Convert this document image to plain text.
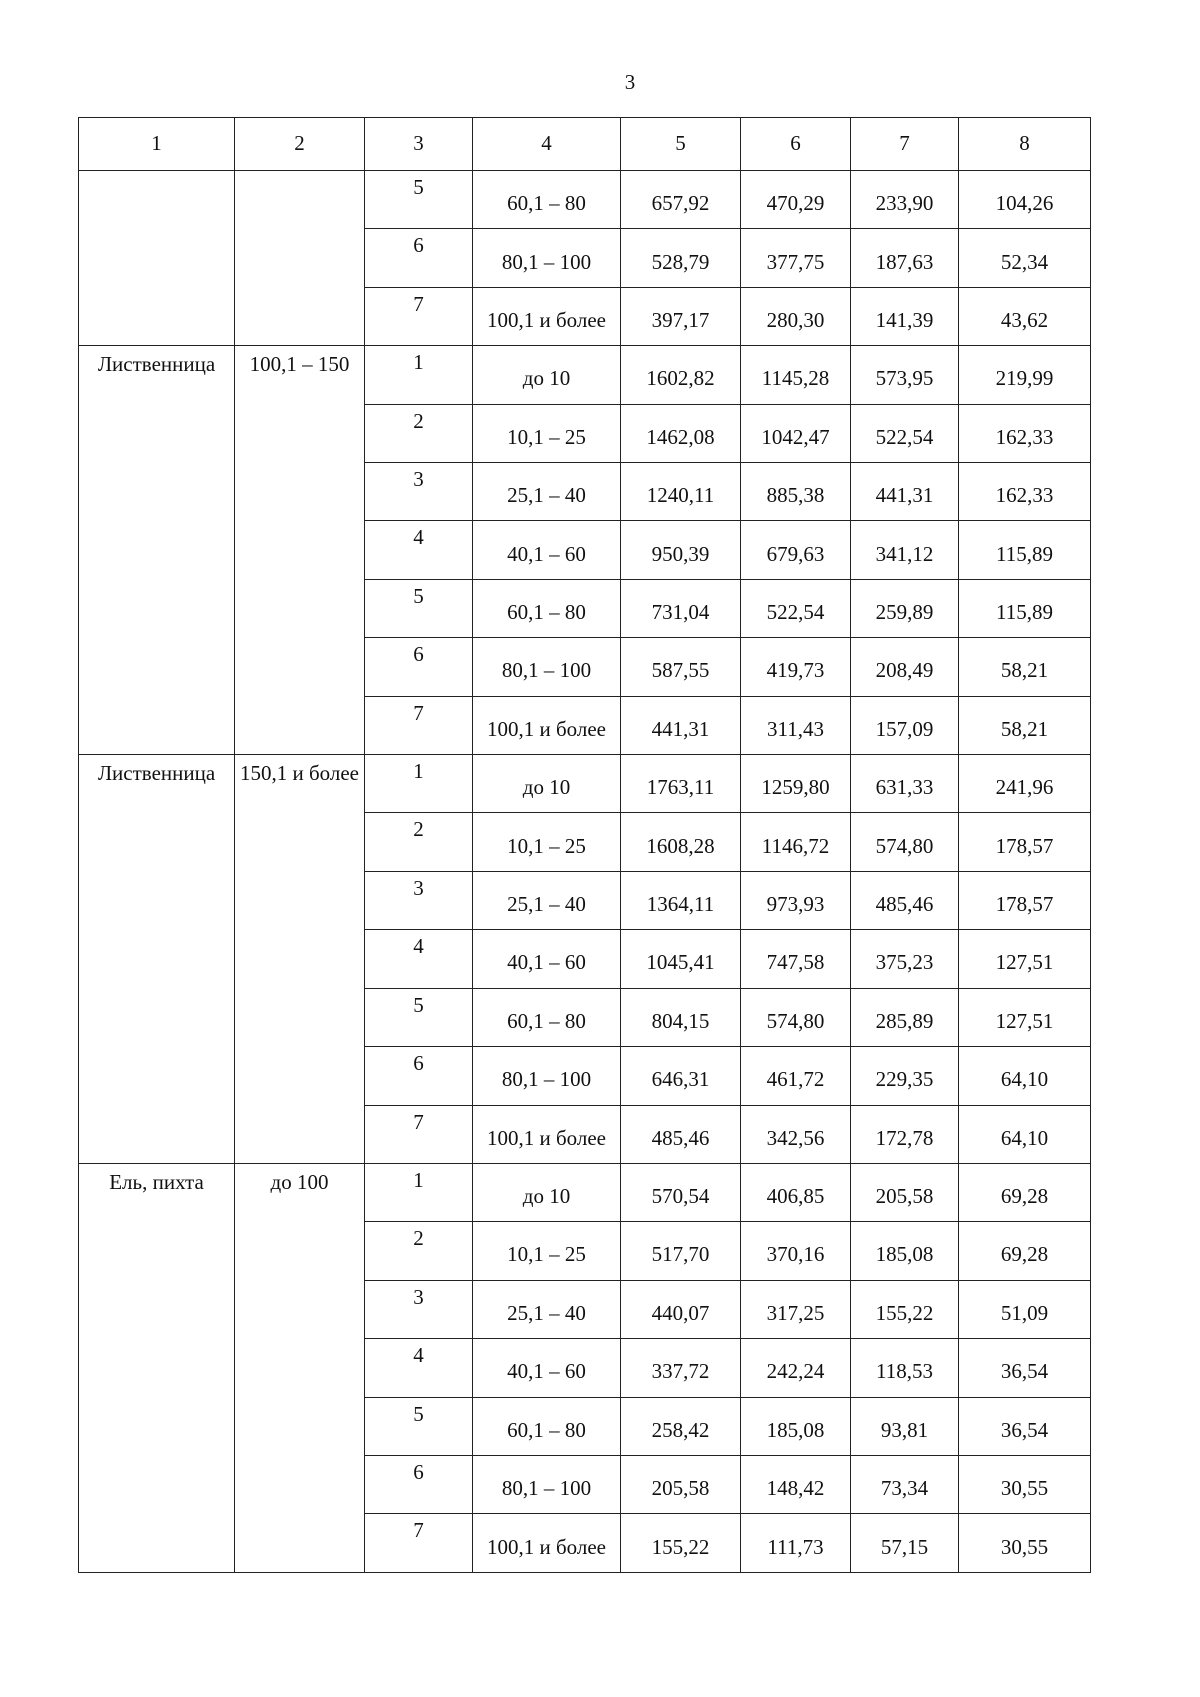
3
1	2	3	4	5	6	7	8
		5	60,1 – 80	657,92	470,29	233,90	104,26
		6	80,1 – 100	528,79	377,75	187,63	52,34
		7	100,1 и более	397,17	280,30	141,39	43,62
Лиственница	100,1 – 150	1	до 10	1602,82	1145,28	573,95	219,99
		2	10,1 – 25	1462,08	1042,47	522,54	162,33
		3	25,1 – 40	1240,11	885,38	441,31	162,33
		4	40,1 – 60	950,39	679,63	341,12	115,89
		5	60,1 – 80	731,04	522,54	259,89	115,89
		6	80,1 – 100	587,55	419,73	208,49	58,21
		7	100,1 и более	441,31	311,43	157,09	58,21
Лиственница	150,1 и более	1	до 10	1763,11	1259,80	631,33	241,96
		2	10,1 – 25	1608,28	1146,72	574,80	178,57
		3	25,1 – 40	1364,11	973,93	485,46	178,57
		4	40,1 – 60	1045,41	747,58	375,23	127,51
		5	60,1 – 80	804,15	574,80	285,89	127,51
		6	80,1 – 100	646,31	461,72	229,35	64,10
		7	100,1 и более	485,46	342,56	172,78	64,10
Ель, пихта	до 100	1	до 10	570,54	406,85	205,58	69,28
		2	10,1 – 25	517,70	370,16	185,08	69,28
		3	25,1 – 40	440,07	317,25	155,22	51,09
		4	40,1 – 60	337,72	242,24	118,53	36,54
		5	60,1 – 80	258,42	185,08	93,81	36,54
		6	80,1 – 100	205,58	148,42	73,34	30,55
		7	100,1 и более	155,22	111,73	57,15	30,55
